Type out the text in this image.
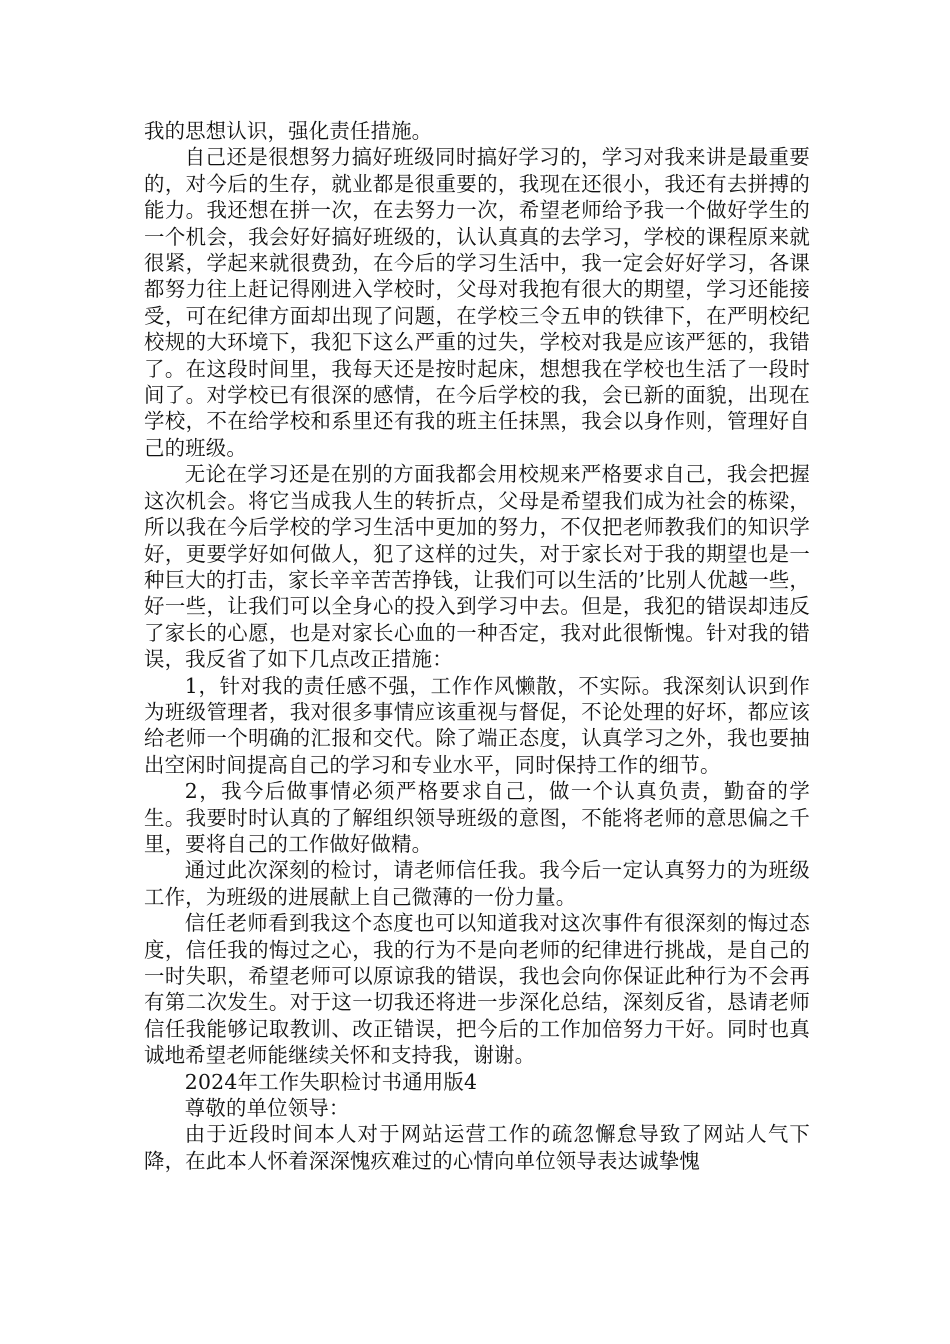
我的思想认识，强化责任措施。

自己还是很想努力搞好班级同时搞好学习的，学习对我来讲是最重要的，对今后的生存，就业都是很重要的，我现在还很小，我还有去拼搏的能力。我还想在拼一次，在去努力一次，希望老师给予我一个做好学生的一个机会，我会好好搞好班级的，认认真真的去学习，学校的课程原来就很紧，学起来就很费劲，在今后的学习生活中，我一定会好好学习，各课都努力往上赶记得刚进入学校时，父母对我抱有很大的期望，学习还能接受，可在纪律方面却出现了问题，在学校三令五申的铁律下，在严明校纪校规的大环境下，我犯下这么严重的过失，学校对我是应该严惩的，我错了。在这段时间里，我每天还是按时起床，想想我在学校也生活了一段时间了。对学校已有很深的感情，在今后学校的我，会已新的面貌，出现在学校，不在给学校和系里还有我的班主任抹黑，我会以身作则，管理好自己的班级。

无论在学习还是在别的方面我都会用校规来严格要求自己，我会把握这次机会。将它当成我人生的转折点，父母是希望我们成为社会的栋梁，所以我在今后学校的学习生活中更加的努力，不仅把老师教我们的知识学好，更要学好如何做人，犯了这样的过失，对于家长对于我的期望也是一种巨大的打击，家长辛辛苦苦挣钱，让我们可以生活的’比别人优越一些，好一些，让我们可以全身心的投入到学习中去。但是，我犯的错误却违反了家长的心愿，也是对家长心血的一种否定，我对此很惭愧。针对我的错误，我反省了如下几点改正措施：

1，针对我的责任感不强，工作作风懒散，不实际。我深刻认识到作为班级管理者，我对很多事情应该重视与督促，不论处理的好坏，都应该给老师一个明确的汇报和交代。除了端正态度，认真学习之外，我也要抽出空闲时间提高自己的学习和专业水平，同时保持工作的细节。

2，我今后做事情必须严格要求自己，做一个认真负责，勤奋的学生。我要时时认真的了解组织领导班级的意图，不能将老师的意思偏之千里，要将自己的工作做好做精。

通过此次深刻的检讨，请老师信任我。我今后一定认真努力的为班级工作，为班级的进展献上自己微薄的一份力量。

信任老师看到我这个态度也可以知道我对这次事件有很深刻的悔过态度，信任我的悔过之心，我的行为不是向老师的纪律进行挑战，是自己的一时失职，希望老师可以原谅我的错误，我也会向你保证此种行为不会再有第二次发生。对于这一切我还将进一步深化总结，深刻反省，恳请老师信任我能够记取教训、改正错误，把今后的工作加倍努力干好。同时也真诚地希望老师能继续关怀和支持我，谢谢。

2024年工作失职检讨书通用版4

尊敬的单位领导：

由于近段时间本人对于网站运营工作的疏忽懈怠导致了网站人气下降，在此本人怀着深深愧疚难过的心情向单位领导表达诚挚愧
